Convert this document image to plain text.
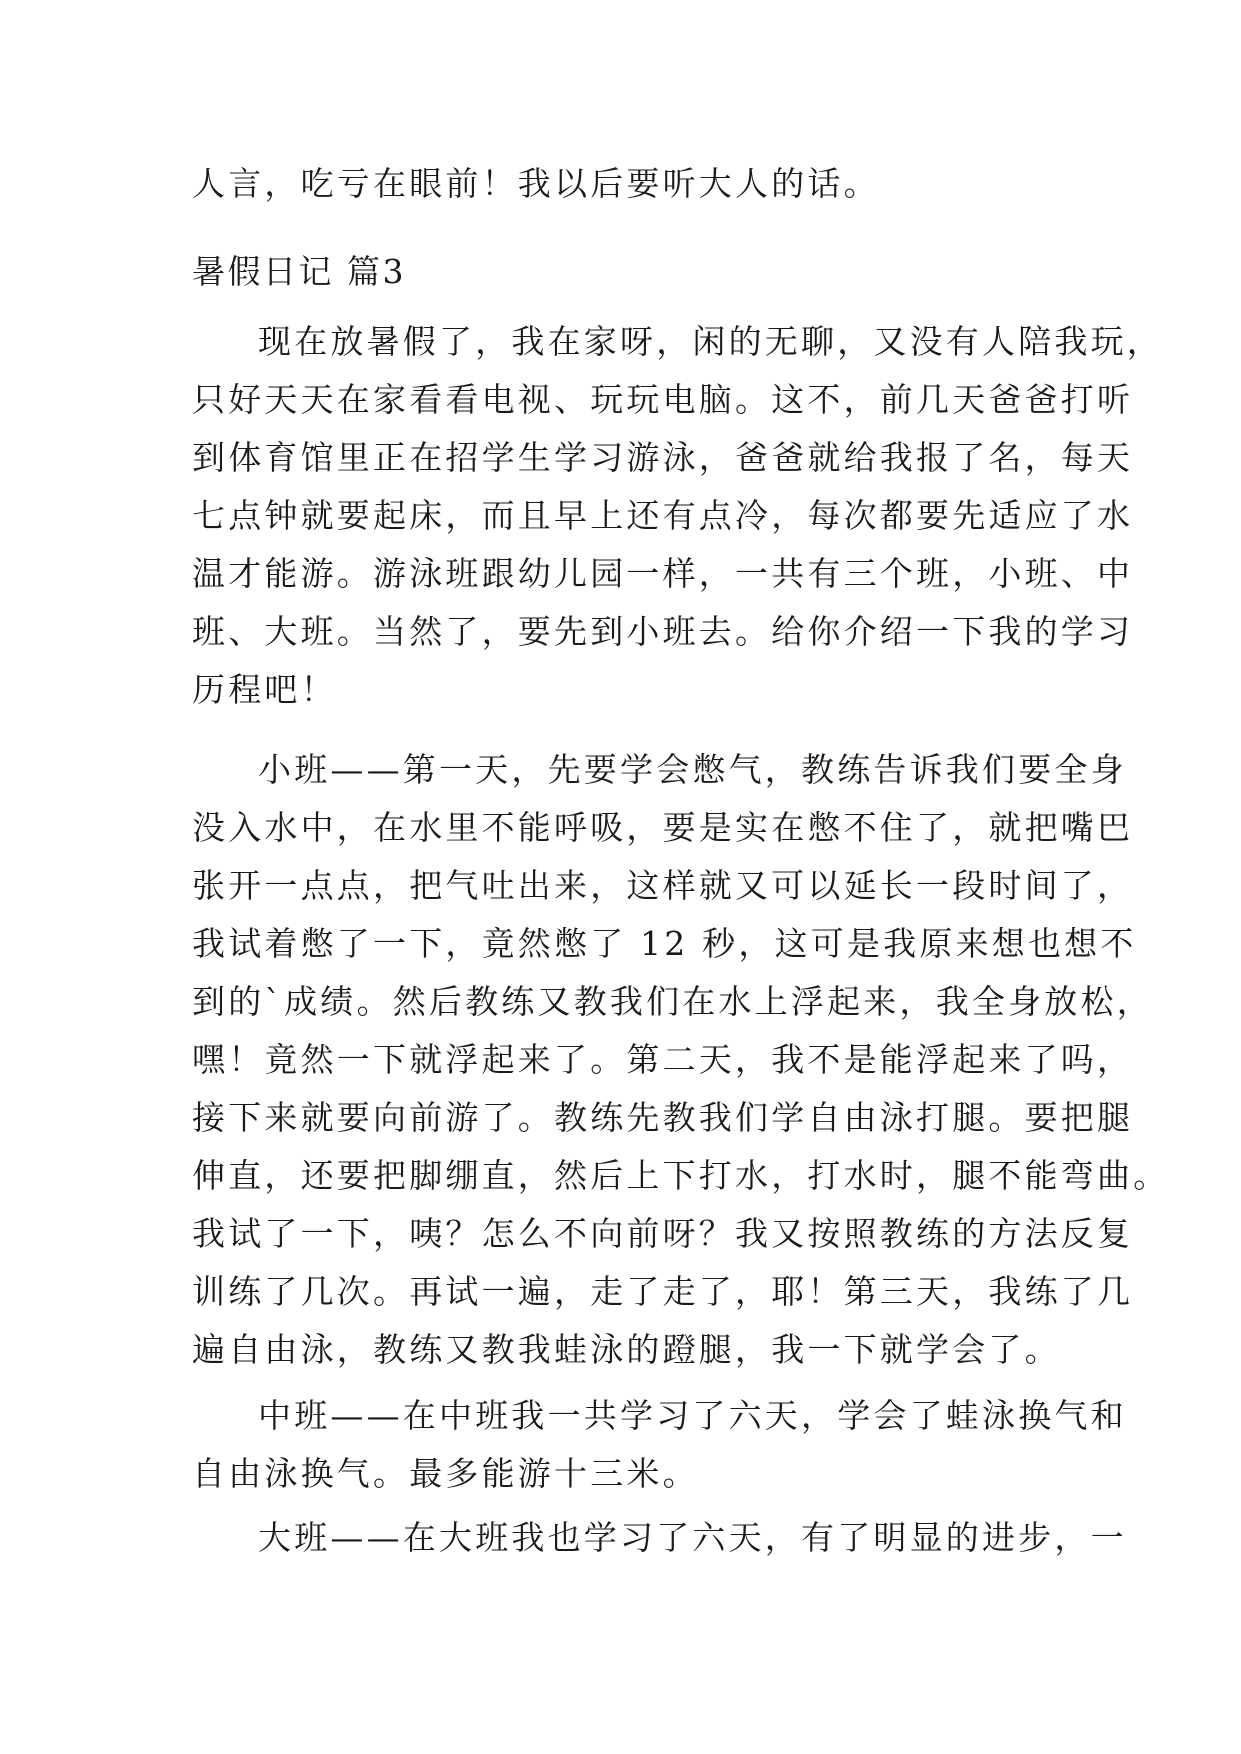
人言，吃亏在眼前！我以后要听大人的话。
暑假日记 篇3
现在放暑假了，我在家呀，闲的无聊，又没有人陪我玩，
只好天天在家看看电视、玩玩电脑。这不，前几天爸爸打听
到体育馆里正在招学生学习游泳，爸爸就给我报了名，每天
七点钟就要起床，而且早上还有点冷，每次都要先适应了水
温才能游。游泳班跟幼儿园一样，一共有三个班，小班、中
班、大班。当然了，要先到小班去。给你介绍一下我的学习
历程吧！
小班——第一天，先要学会憋气，教练告诉我们要全身
没入水中，在水里不能呼吸，要是实在憋不住了，就把嘴巴
张开一点点，把气吐出来，这样就又可以延长一段时间了，
我试着憋了一下，竟然憋了 12 秒，这可是我原来想也想不
到的`成绩。然后教练又教我们在水上浮起来，我全身放松，
嘿！竟然一下就浮起来了。第二天，我不是能浮起来了吗，
接下来就要向前游了。教练先教我们学自由泳打腿。要把腿
伸直，还要把脚绷直，然后上下打水，打水时，腿不能弯曲。
我试了一下，咦？怎么不向前呀？我又按照教练的方法反复
训练了几次。再试一遍，走了走了，耶！第三天，我练了几
遍自由泳，教练又教我蛙泳的蹬腿，我一下就学会了。
中班——在中班我一共学习了六天，学会了蛙泳换气和
自由泳换气。最多能游十三米。
大班——在大班我也学习了六天，有了明显的进步，一
